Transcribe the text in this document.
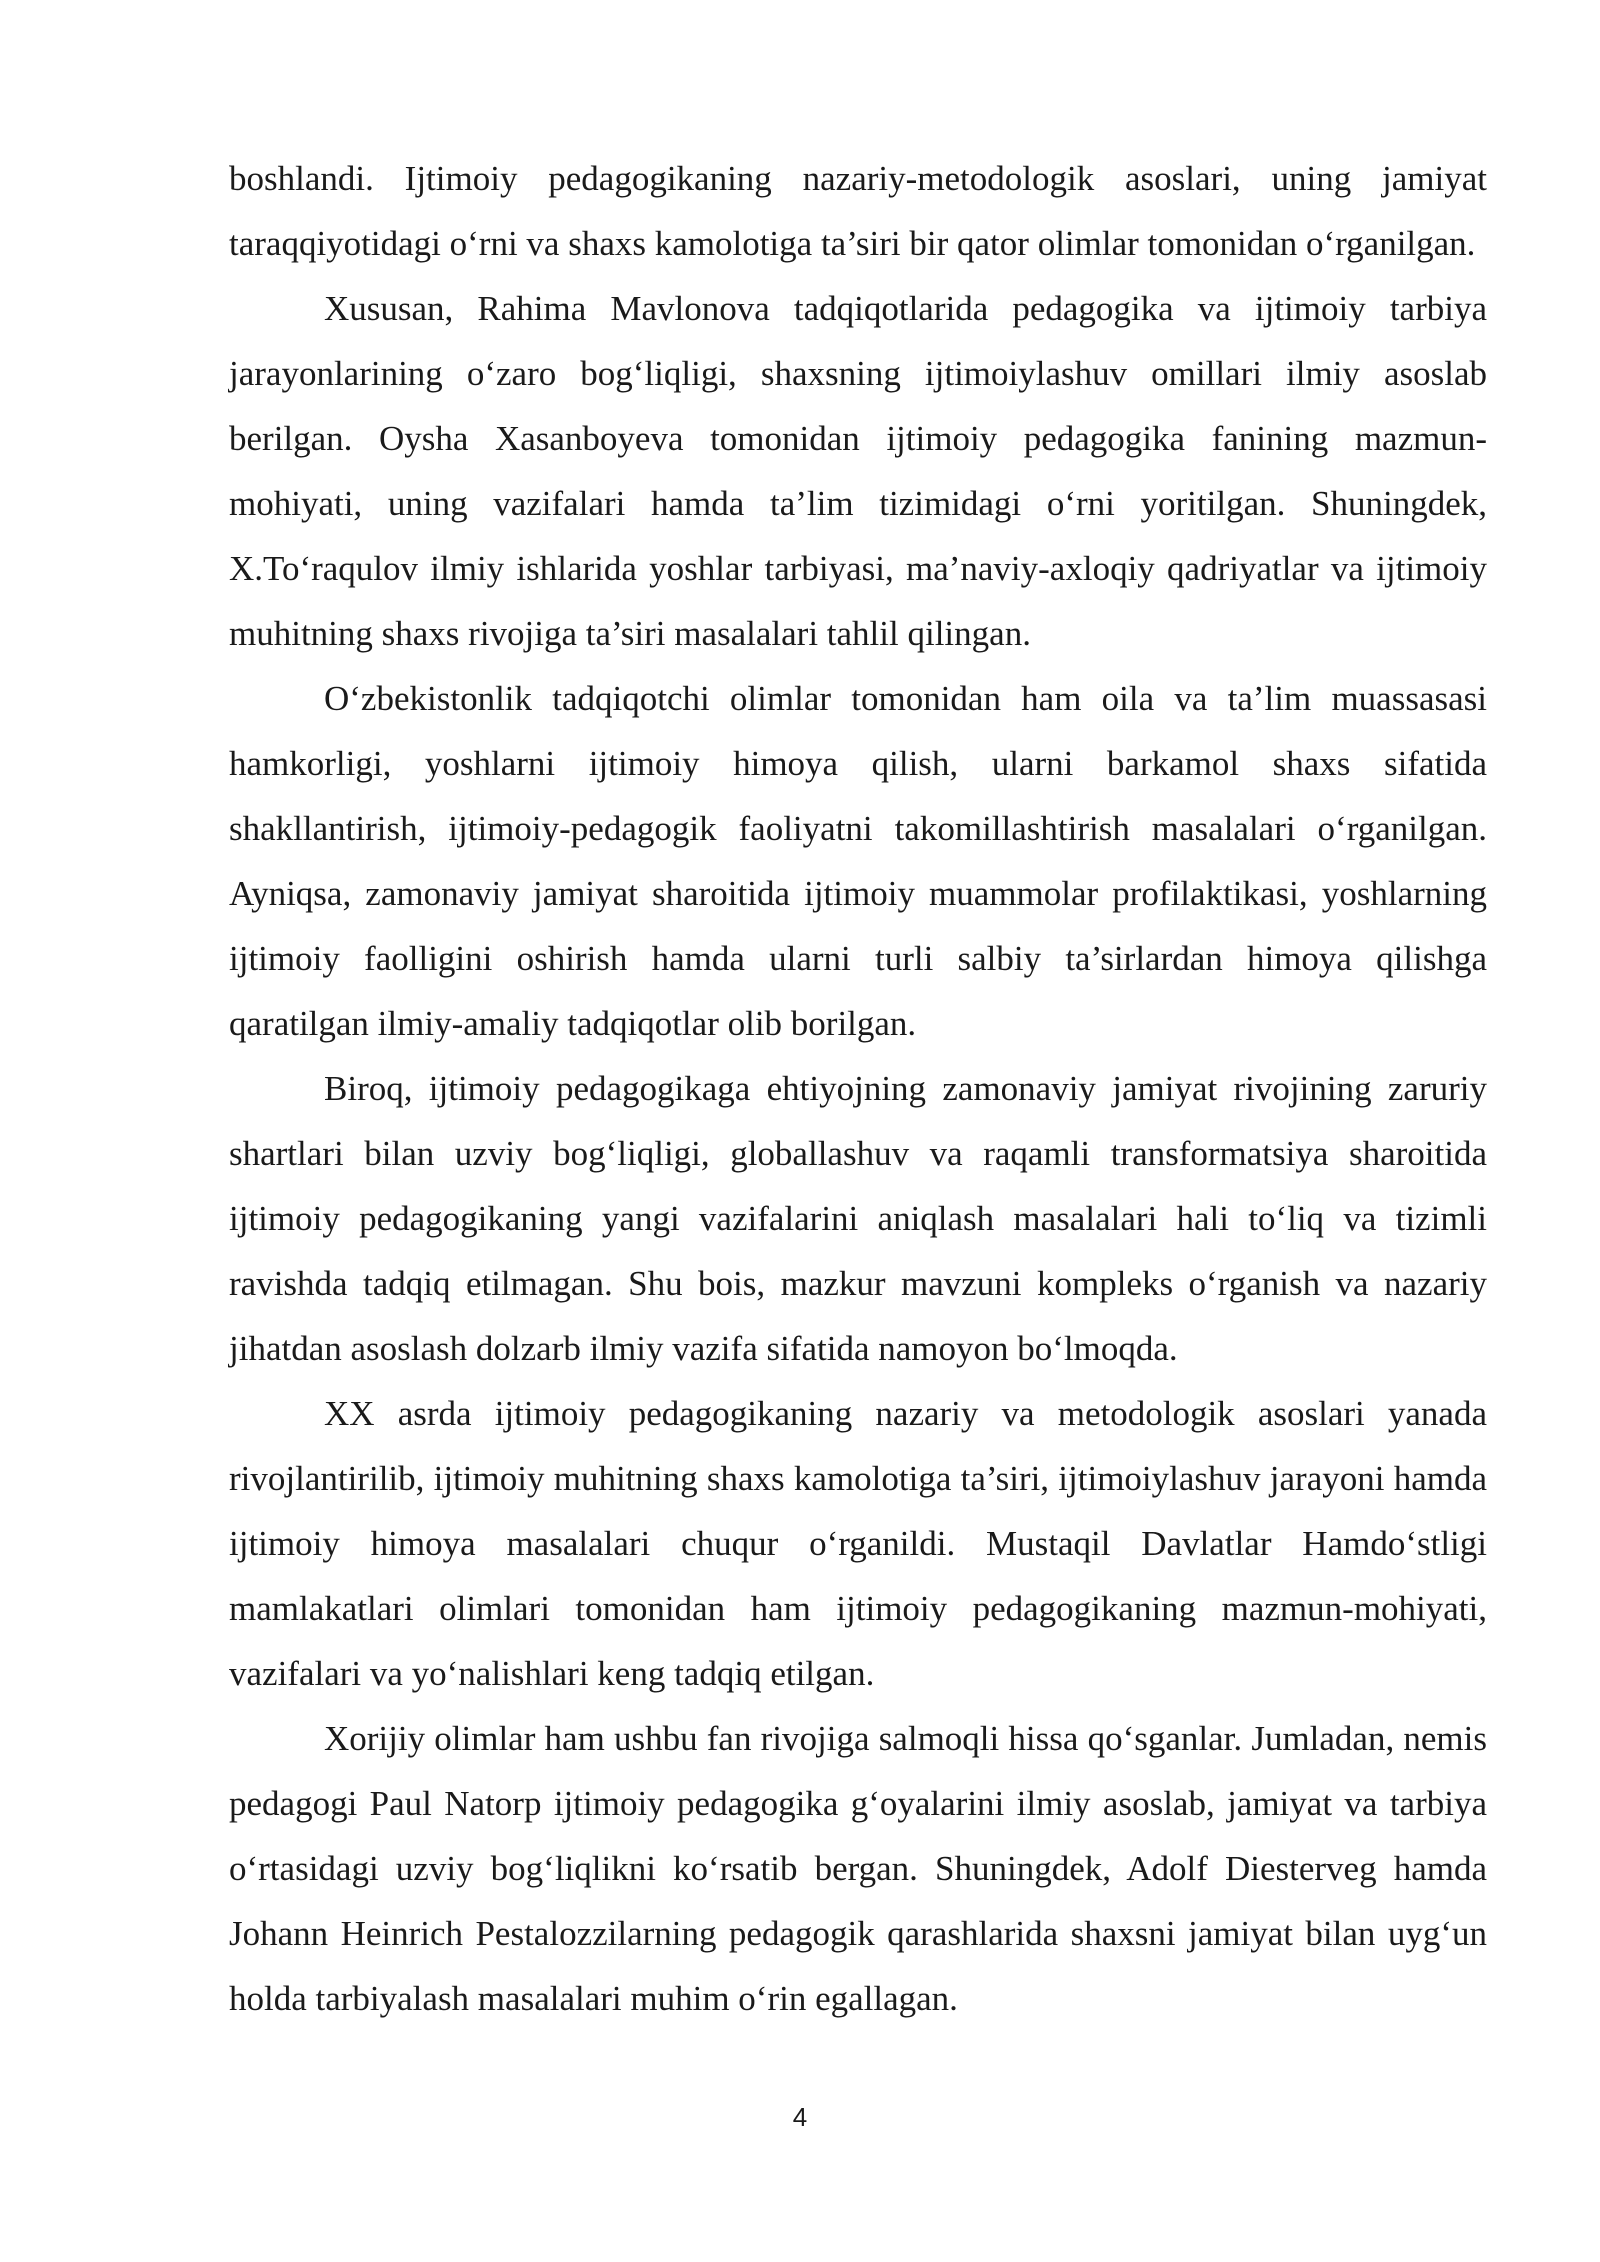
boshlandi. Ijtimoiy pedagogikaning nazariy-metodologik asoslari, uning jamiyat taraqqiyotidagi o‘rni va shaxs kamolotiga ta’siri bir qator olimlar tomonidan o‘rganilgan.

Xususan, Rahima Mavlonova tadqiqotlarida pedagogika va ijtimoiy tarbiya jarayonlarining o‘zaro bog‘liqligi, shaxsning ijtimoiylashuv omillari ilmiy asoslab berilgan. Oysha Xasanboyeva tomonidan ijtimoiy pedagogika fanining mazmun-mohiyati, uning vazifalari hamda ta’lim tizimidagi o‘rni yoritilgan. Shuningdek, X.To‘raqulov ilmiy ishlarida yoshlar tarbiyasi, ma’naviy-axloqiy qadriyatlar va ijtimoiy muhitning shaxs rivojiga ta’siri masalalari tahlil qilingan.

O‘zbekistonlik tadqiqotchi olimlar tomonidan ham oila va ta’lim muassasasi hamkorligi, yoshlarni ijtimoiy himoya qilish, ularni barkamol shaxs sifatida shakllantirish, ijtimoiy-pedagogik faoliyatni takomillashtirish masalalari o‘rganilgan. Ayniqsa, zamonaviy jamiyat sharoitida ijtimoiy muammolar profilaktikasi, yoshlarning ijtimoiy faolligini oshirish hamda ularni turli salbiy ta’sirlardan himoya qilishga qaratilgan ilmiy-amaliy tadqiqotlar olib borilgan.

Biroq, ijtimoiy pedagogikaga ehtiyojning zamonaviy jamiyat rivojining zaruriy shartlari bilan uzviy bog‘liqligi, globallashuv va raqamli transformatsiya sharoitida ijtimoiy pedagogikaning yangi vazifalarini aniqlash masalalari hali to‘liq va tizimli ravishda tadqiq etilmagan. Shu bois, mazkur mavzuni kompleks o‘rganish va nazariy jihatdan asoslash dolzarb ilmiy vazifa sifatida namoyon bo‘lmoqda.

XX asrda ijtimoiy pedagogikaning nazariy va metodologik asoslari yanada rivojlantirilib, ijtimoiy muhitning shaxs kamolotiga ta’siri, ijtimoiylashuv jarayoni hamda ijtimoiy himoya masalalari chuqur o‘rganildi. Mustaqil Davlatlar Hamdo‘stligi mamlakatlari olimlari tomonidan ham ijtimoiy pedagogikaning mazmun-mohiyati, vazifalari va yo‘nalishlari keng tadqiq etilgan.

Xorijiy olimlar ham ushbu fan rivojiga salmoqli hissa qo‘sganlar. Jumladan, nemis pedagogi Paul Natorp ijtimoiy pedagogika g‘oyalarini ilmiy asoslab, jamiyat va tarbiya o‘rtasidagi uzviy bog‘liqlikni ko‘rsatib bergan. Shuningdek, Adolf Diesterveg hamda Johann Heinrich Pestalozzilarning pedagogik qarashlarida shaxsni jamiyat bilan uyg‘un holda tarbiyalash masalalari muhim o‘rin egallagan.

4
